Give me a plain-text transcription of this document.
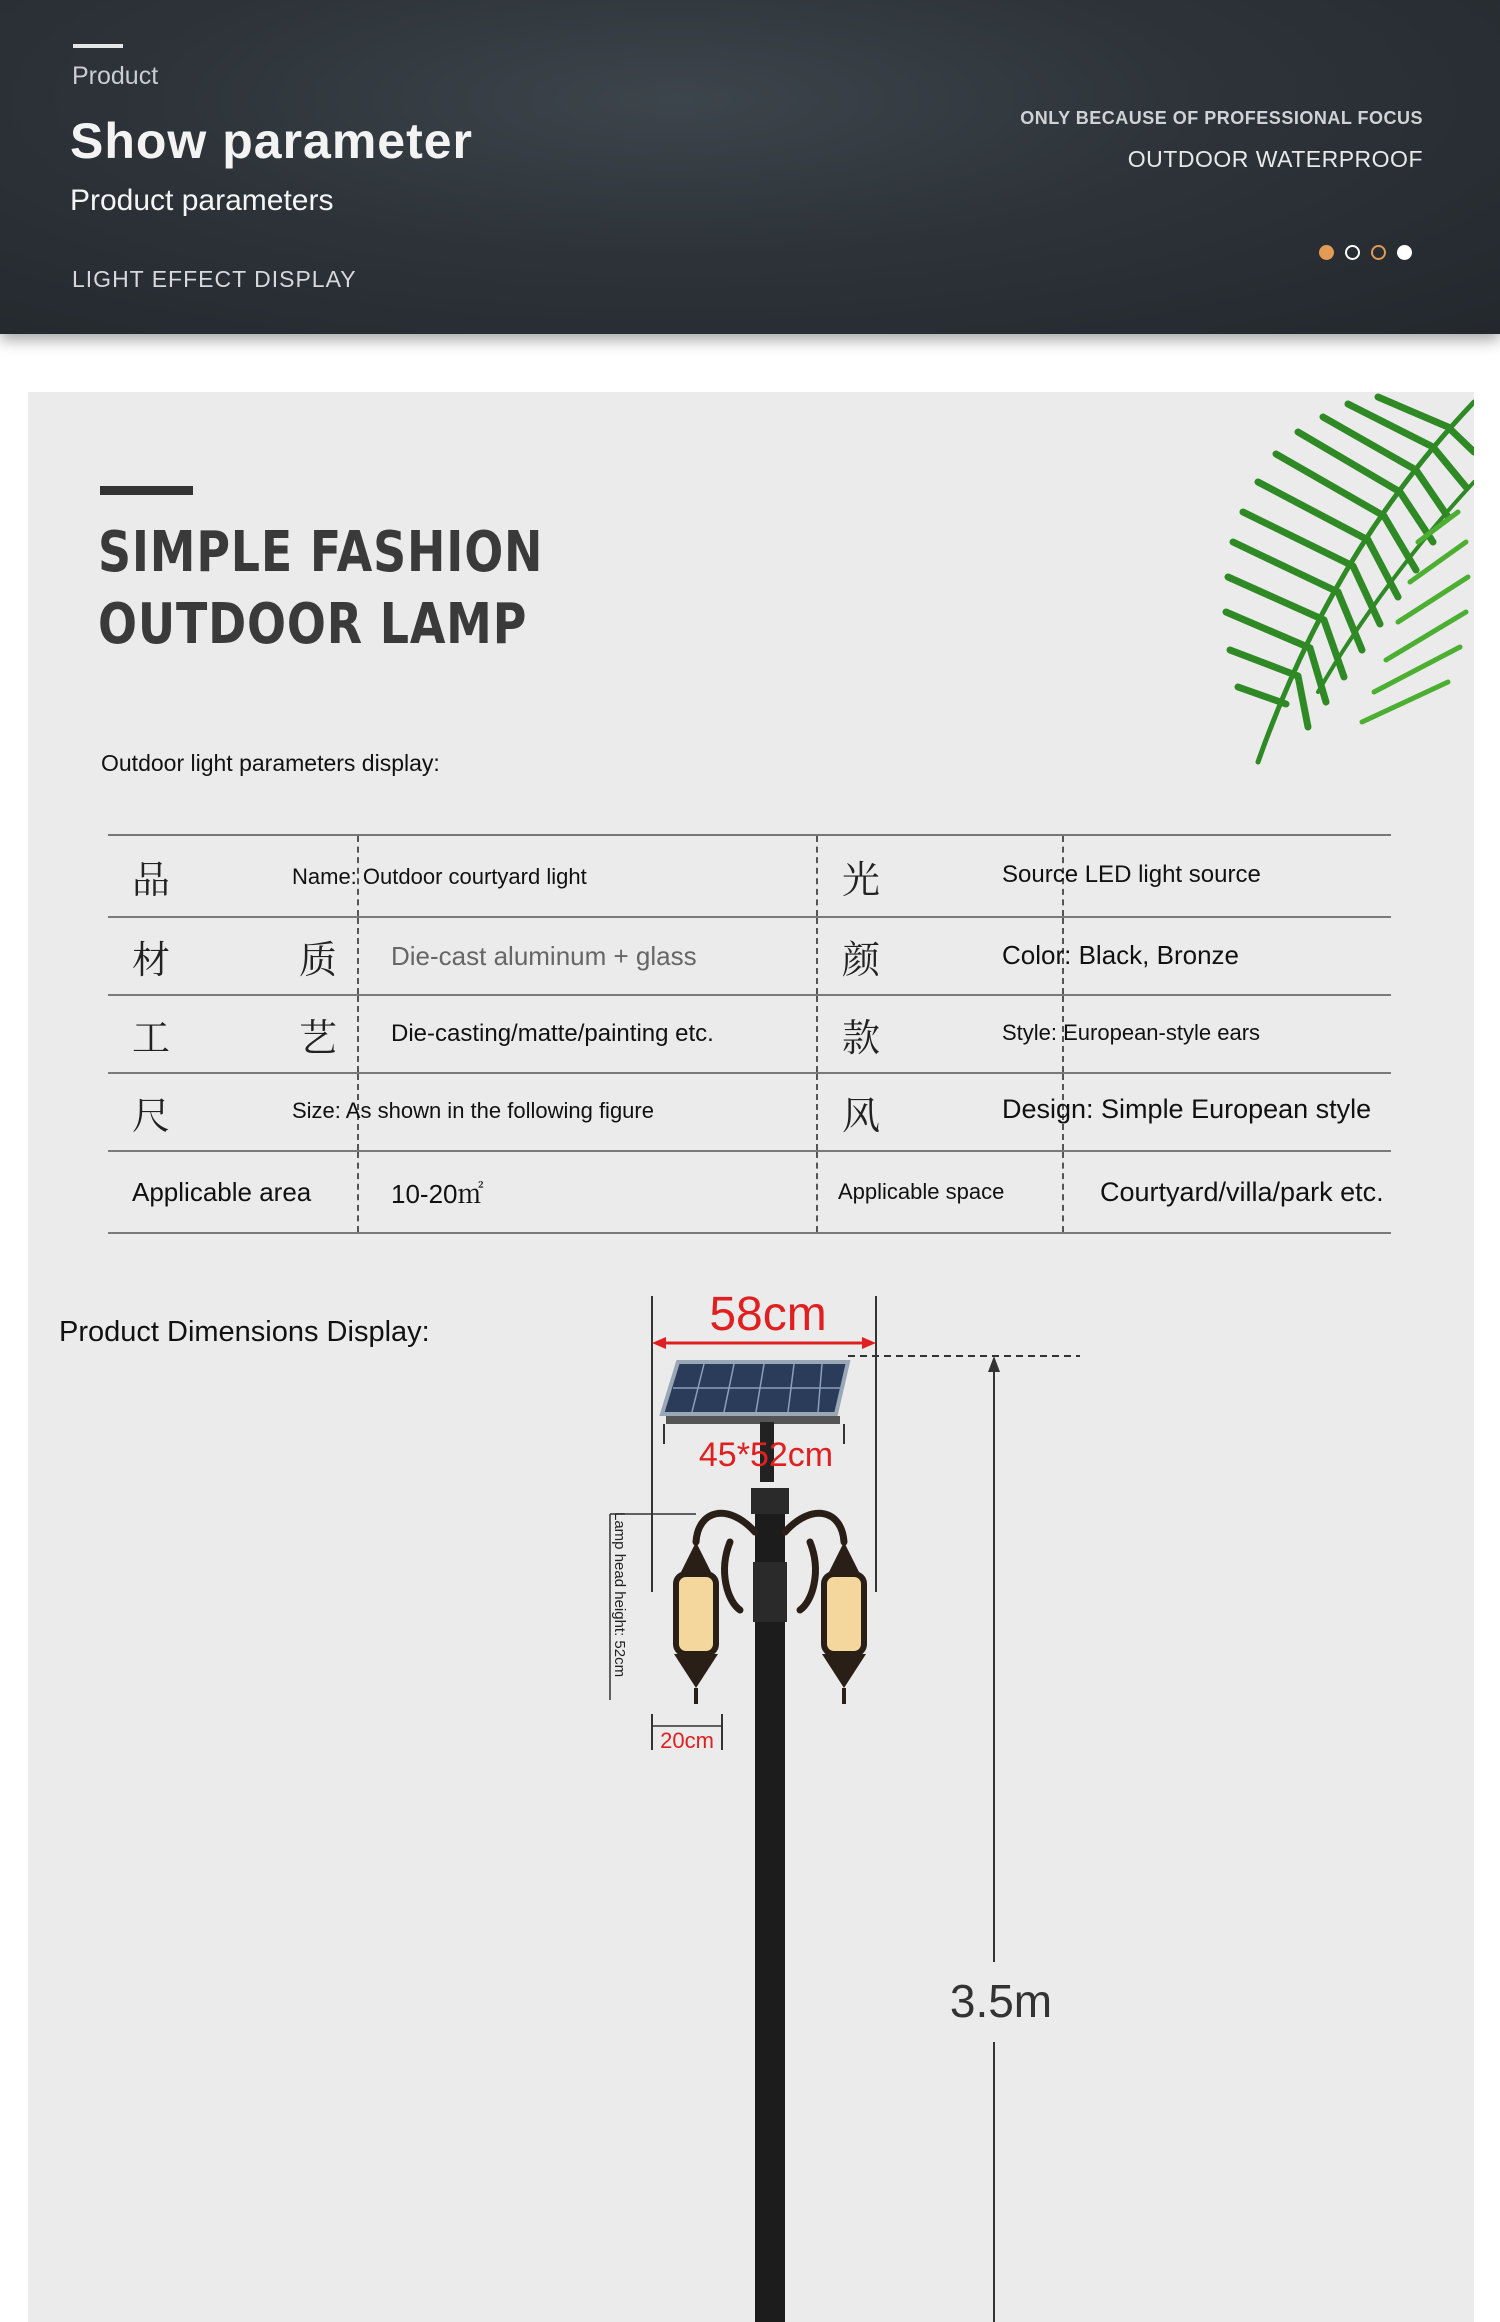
Product
Show parameter
Product parameters
LIGHT EFFECT DISPLAY
ONLY BECAUSE OF PROFESSIONAL FOCUS
OUTDOOR WATERPROOF
SIMPLE FASHION
OUTDOOR LAMP
Outdoor light parameters display:
品	Name: Outdoor courtyard light	光	Source LED light source

材 质	Die-cast aluminum + glass	颜	Color: Black, Bronze

工 艺	Die-casting/matte/painting etc.	款	Style: European-style ears

尺	Size: As shown in the following figure	风	Design: Simple European style

Applicable area	10-20㎡	Applicable space	Courtyard/villa/park etc.
Product Dimensions Display:	58cm
3.5m
45*52cm
Lamp head height: 52cm
20cm
